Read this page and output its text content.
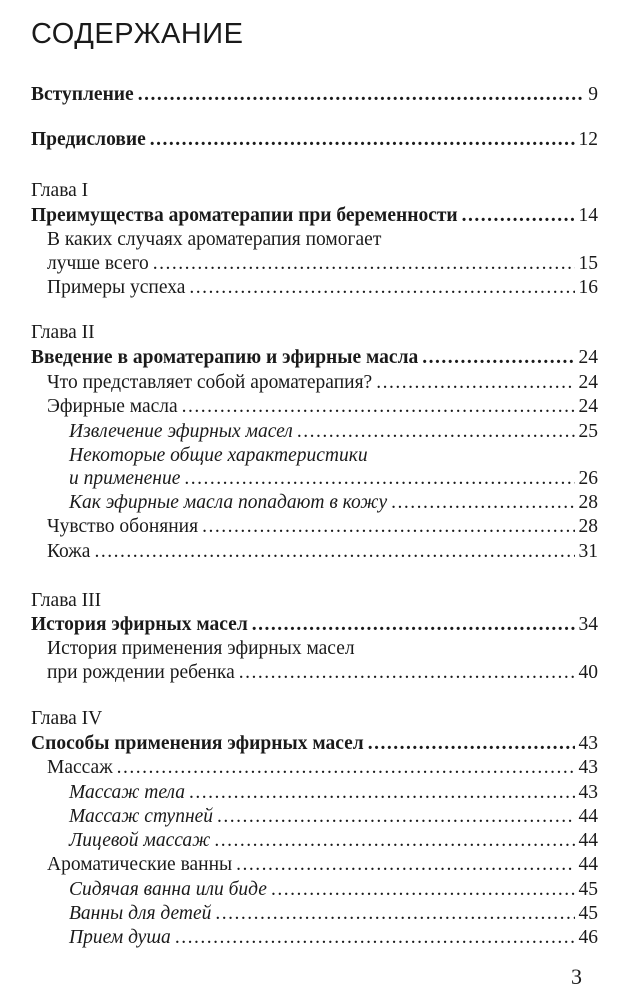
СОДЕРЖАНИЕ
Вступление .....	9
Предисловие .....	12
Глава I
Преимущества ароматерапии при беременности .....	14
В каких случаях ароматерапия помогает
лучше всего .....	15
Примеры успеха .....	16
Глава II
Введение в ароматерапию и эфирные масла .....	24
Что представляет собой ароматерапия? .....	24
Эфирные масла .....	24
Извлечение эфирных масел .....	25
Некоторые общие характеристики
и применение .....	26
Как эфирные масла попадают в кожу .....	28
Чувство обоняния .....	28
Кожа .....	31
Глава III
История эфирных масел .....	34
История применения эфирных масел
при рождении ребенка .....	40
Глава IV
Способы применения эфирных масел .....	43
Массаж .....	43
Массаж тела .....	43
Массаж ступней .....	44
Лицевой массаж .....	44
Ароматические ванны .....	44
Сидячая ванна или биде .....	45
Ванны для детей .....	45
Прием душа .....	46
3
